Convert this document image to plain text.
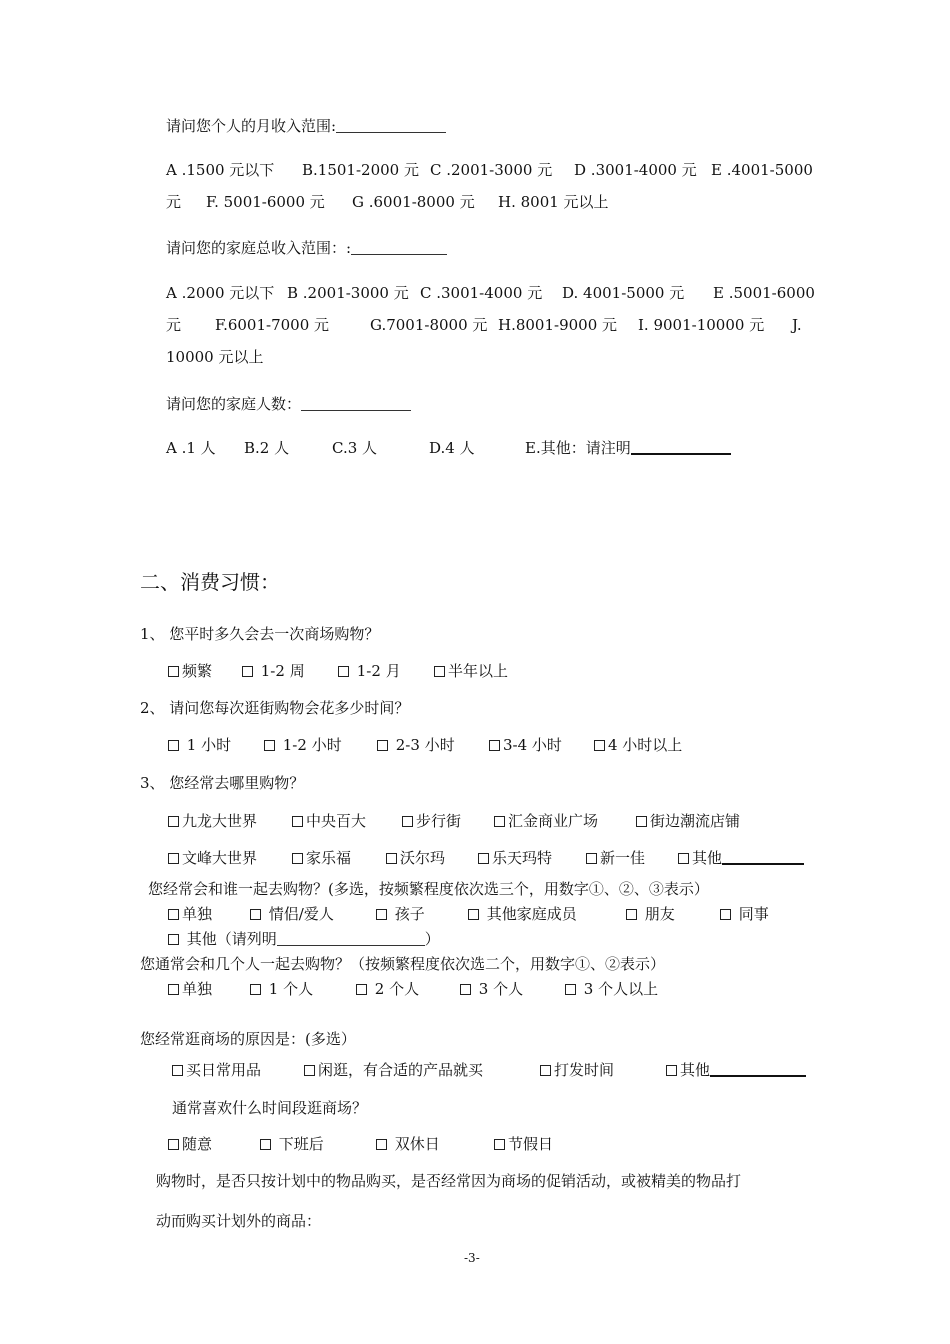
请问您个人的月收入范围:
A .1500 元以下 B.1501-2000 元 C .2001-3000 元 D .3001-4000 元 E .4001-5000
元 F. 5001-6000 元 G .6001-8000 元 H. 8001 元以上
请问您的家庭总收入范围：:
A .2000 元以下 B .2001-3000 元 C .3001-4000 元 D. 4001-5000 元 E .5001-6000
元 F.6001-7000 元	G.7001-8000 元 H.8001-9000 元 I. 9001-10000 元 J.
10000 元以上
请问您的家庭人数：
A .1 人 B.2 人	C.3 人	D.4 人	E.其他：请注明
二、消费习惯：
1、 您平时多久会去一次商场购物？
频繁	1-2 周	1-2 月	半年以上
2、 请问您每次逛街购物会花多少时间？
1 小时	1-2 小时	2-3 小时	3-4 小时	4 小时以上
3、 您经常去哪里购物？
九龙大世界	中央百大	步行街	汇金商业广场	街边潮流店铺
文峰大世界	家乐福	沃尔玛	乐天玛特	新一佳	其他
您经常会和谁一起去购物？(多选，按频繁程度依次选三个，用数字①、②、③表示）
单独	情侣/爱人	孩子	其他家庭成员	朋友	同事
其他（请列明	）
您通常会和几个人一起去购物？（按频繁程度依次选二个，用数字①、②表示）
单独	1 个人	2 个人	3 个人	3 个人以上
您经常逛商场的原因是：(多选）
买日常用品	闲逛，有合适的产品就买	打发时间	其他
通常喜欢什么时间段逛商场？
随意	下班后	双休日	节假日
购物时，是否只按计划中的物品购买，是否经常因为商场的促销活动，或被精美的物品打
动而购买计划外的商品：
-3-
